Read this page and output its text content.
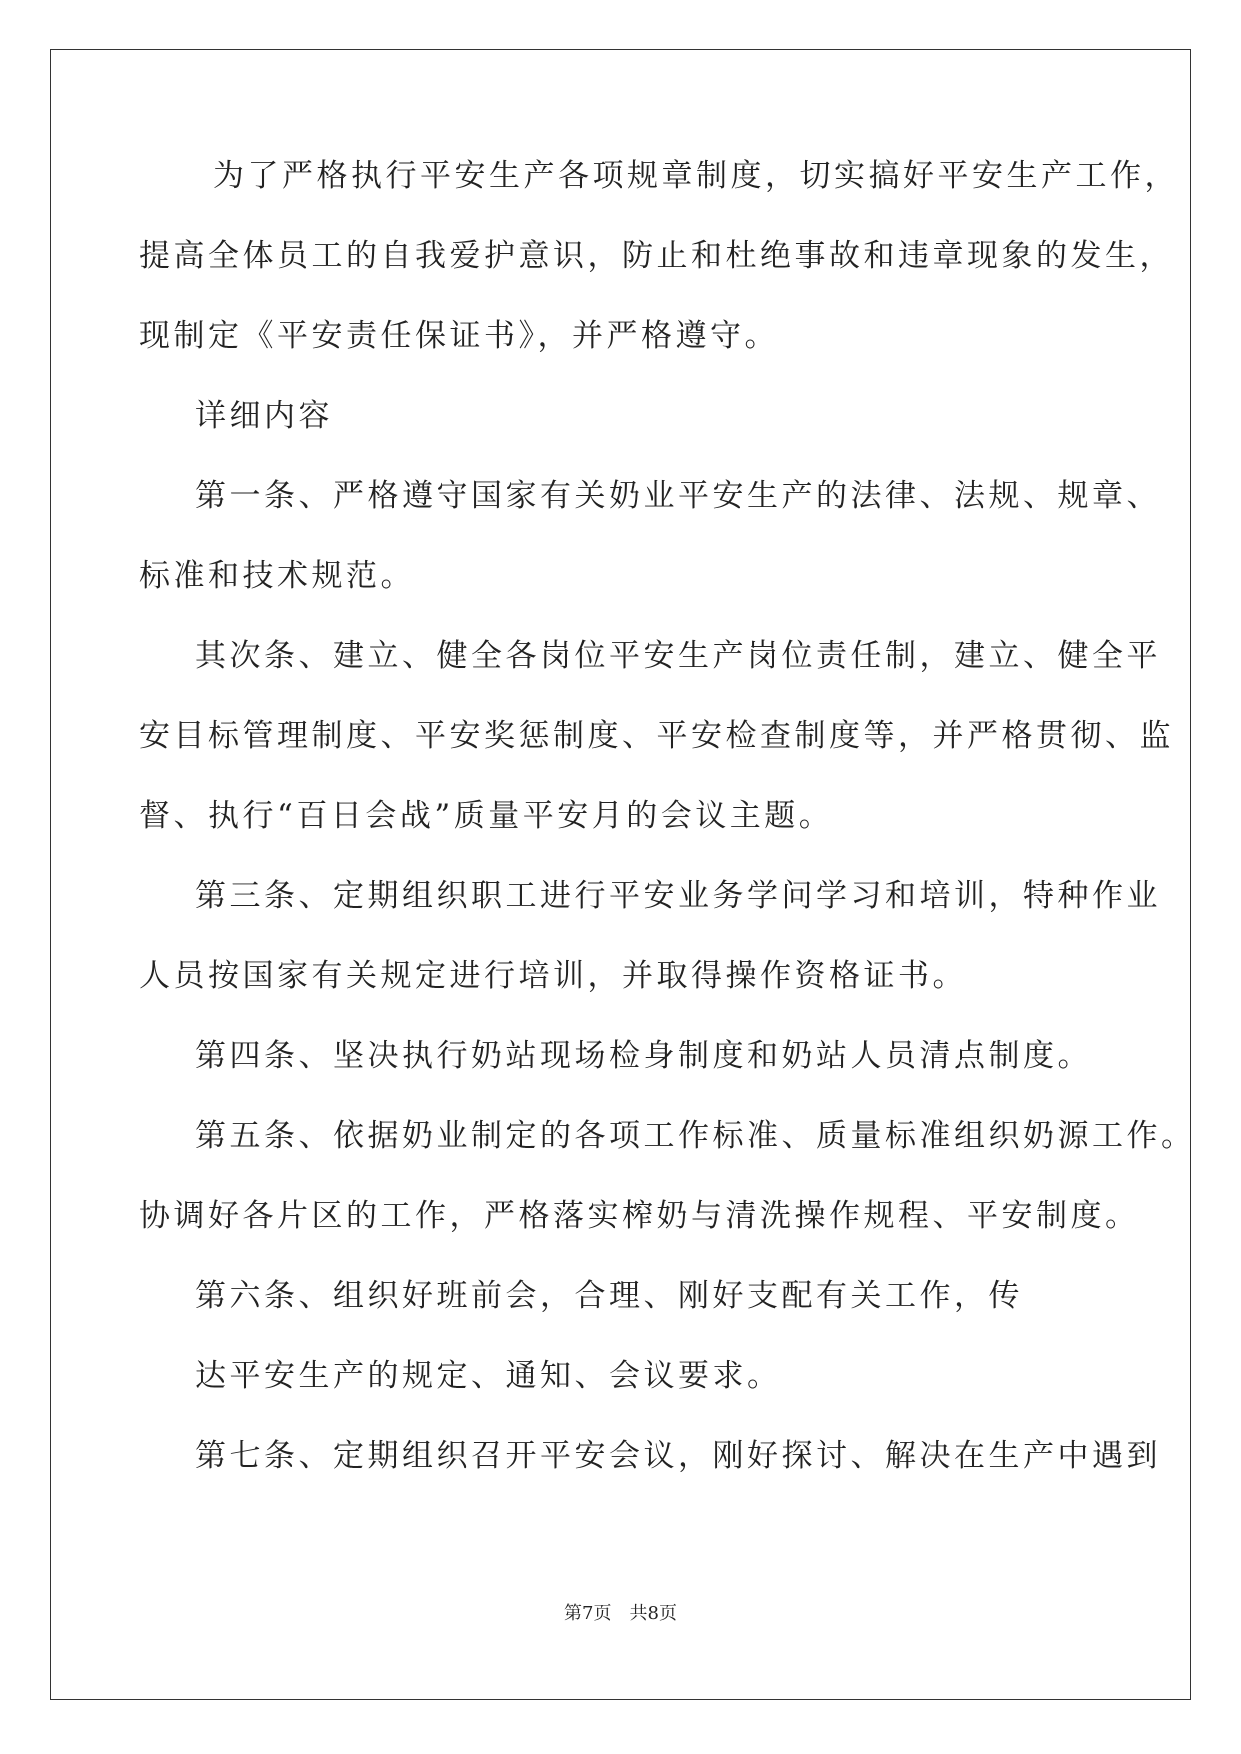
为了严格执行平安生产各项规章制度，切实搞好平安生产工作，

提高全体员工的自我爱护意识，防止和杜绝事故和违章现象的发生，

现制定《平安责任保证书》，并严格遵守。

详细内容

第一条、严格遵守国家有关奶业平安生产的法律、法规、规章、

标准和技术规范。

其次条、建立、健全各岗位平安生产岗位责任制，建立、健全平

安目标管理制度、平安奖惩制度、平安检查制度等，并严格贯彻、监

督、执行“百日会战”质量平安月的会议主题。

第三条、定期组织职工进行平安业务学问学习和培训，特种作业

人员按国家有关规定进行培训，并取得操作资格证书。

第四条、坚决执行奶站现场检身制度和奶站人员清点制度。

第五条、依据奶业制定的各项工作标准、质量标准组织奶源工作。

协调好各片区的工作，严格落实榨奶与清洗操作规程、平安制度。

第六条、组织好班前会，合理、刚好支配有关工作，传

达平安生产的规定、通知、会议要求。

第七条、定期组织召开平安会议，刚好探讨、解决在生产中遇到

第7页　共8页
